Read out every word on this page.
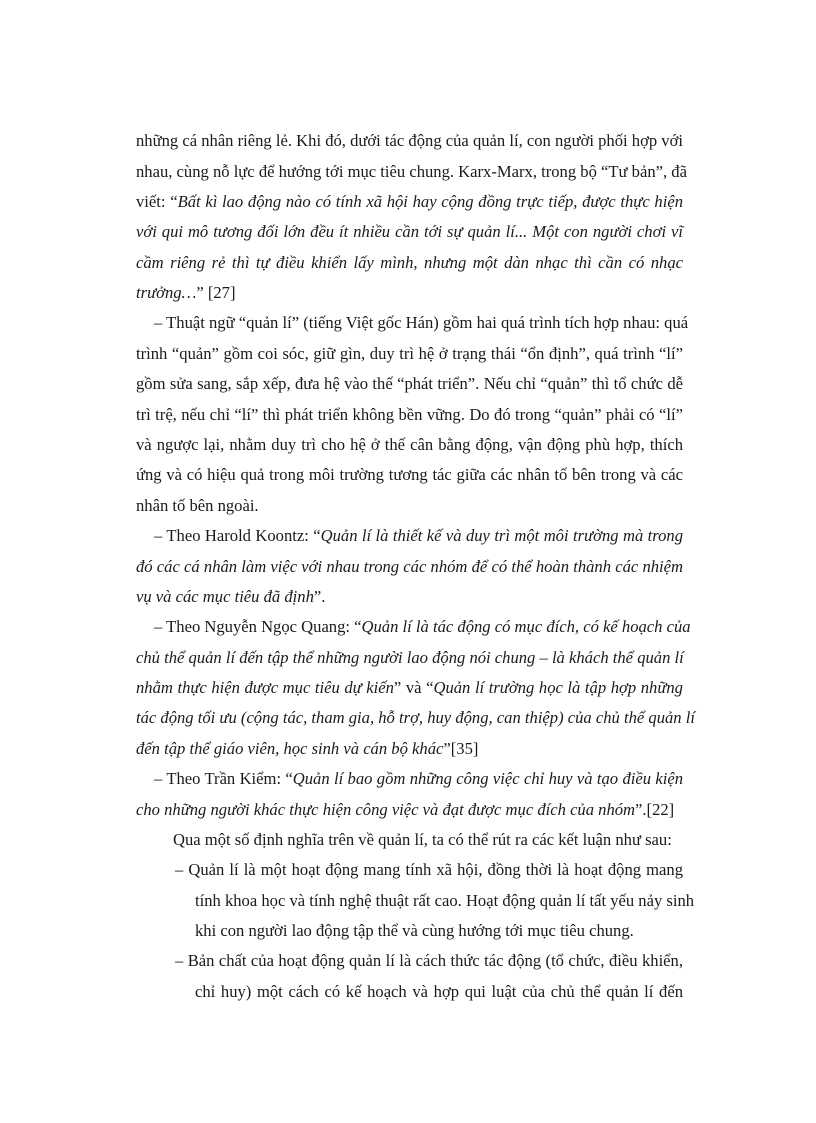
những cá nhân riêng lẻ. Khi đó, dưới tác động của quản lí, con người phối hợp với
nhau, cùng nỗ lực để hướng tới mục tiêu chung. Karx-Marx, trong bộ “Tư bản”, đã
viết: “Bất kì lao động nào có tính xã hội hay cộng đồng trực tiếp, được thực hiện
với qui mô tương đối lớn đều ít nhiều cần tới sự quản lí... Một con người chơi vĩ
cầm riêng rẻ thì tự điều khiển lấy mình, nhưng một dàn nhạc thì cần có nhạc
trưởng…” [27]
– Thuật ngữ “quản lí” (tiếng Việt gốc Hán) gồm hai quá trình tích hợp nhau: quá
trình “quản” gồm coi sóc, giữ gìn, duy trì hệ ở trạng thái “ổn định”, quá trình “lí”
gồm sửa sang, sắp xếp, đưa hệ vào thế “phát triển”. Nếu chỉ “quản” thì tổ chức dễ
trì trệ, nếu chỉ “lí” thì phát triển không bền vững. Do đó trong “quản” phải có “lí”
và ngược lại, nhằm duy trì cho hệ ở thế cân bằng động, vận động phù hợp, thích
ứng và có hiệu quả trong môi trường tương tác giữa các nhân tố bên trong và các
nhân tố bên ngoài.
– Theo Harold Koontz: “Quản lí là thiết kế và duy trì một môi trường mà trong
đó các cá nhân làm việc với nhau trong các nhóm để có thể hoàn thành các nhiệm
vụ và các mục tiêu đã định”.
– Theo Nguyễn Ngọc Quang: “Quản lí là tác động có mục đích, có kế hoạch của
chủ thể quản lí đến tập thể những người lao động nói chung – là khách thể quản lí
nhằm thực hiện được mục tiêu dự kiến” và “Quản lí trường học là tập hợp những
tác động tối ưu (cộng tác, tham gia, hỗ trợ, huy động, can thiệp) của chủ thể quản lí
đến tập thể giáo viên, học sinh và cán bộ khác”[35]
– Theo Trần Kiểm: “Quản lí bao gồm những công việc chỉ huy và tạo điều kiện
cho những người khác thực hiện công việc và đạt được mục đích của nhóm”.[22]
Qua một số định nghĩa trên về quản lí, ta có thể rút ra các kết luận như sau:
– Quản lí là một hoạt động mang tính xã hội, đồng thời là hoạt động mang
tính khoa học và tính nghệ thuật rất cao. Hoạt động quản lí tất yếu nảy sinh
khi con người lao động tập thể và cùng hướng tới mục tiêu chung.
– Bản chất của hoạt động quản lí là cách thức tác động (tổ chức, điều khiển,
chỉ huy) một cách có kế hoạch và hợp qui luật của chủ thể quản lí đến
